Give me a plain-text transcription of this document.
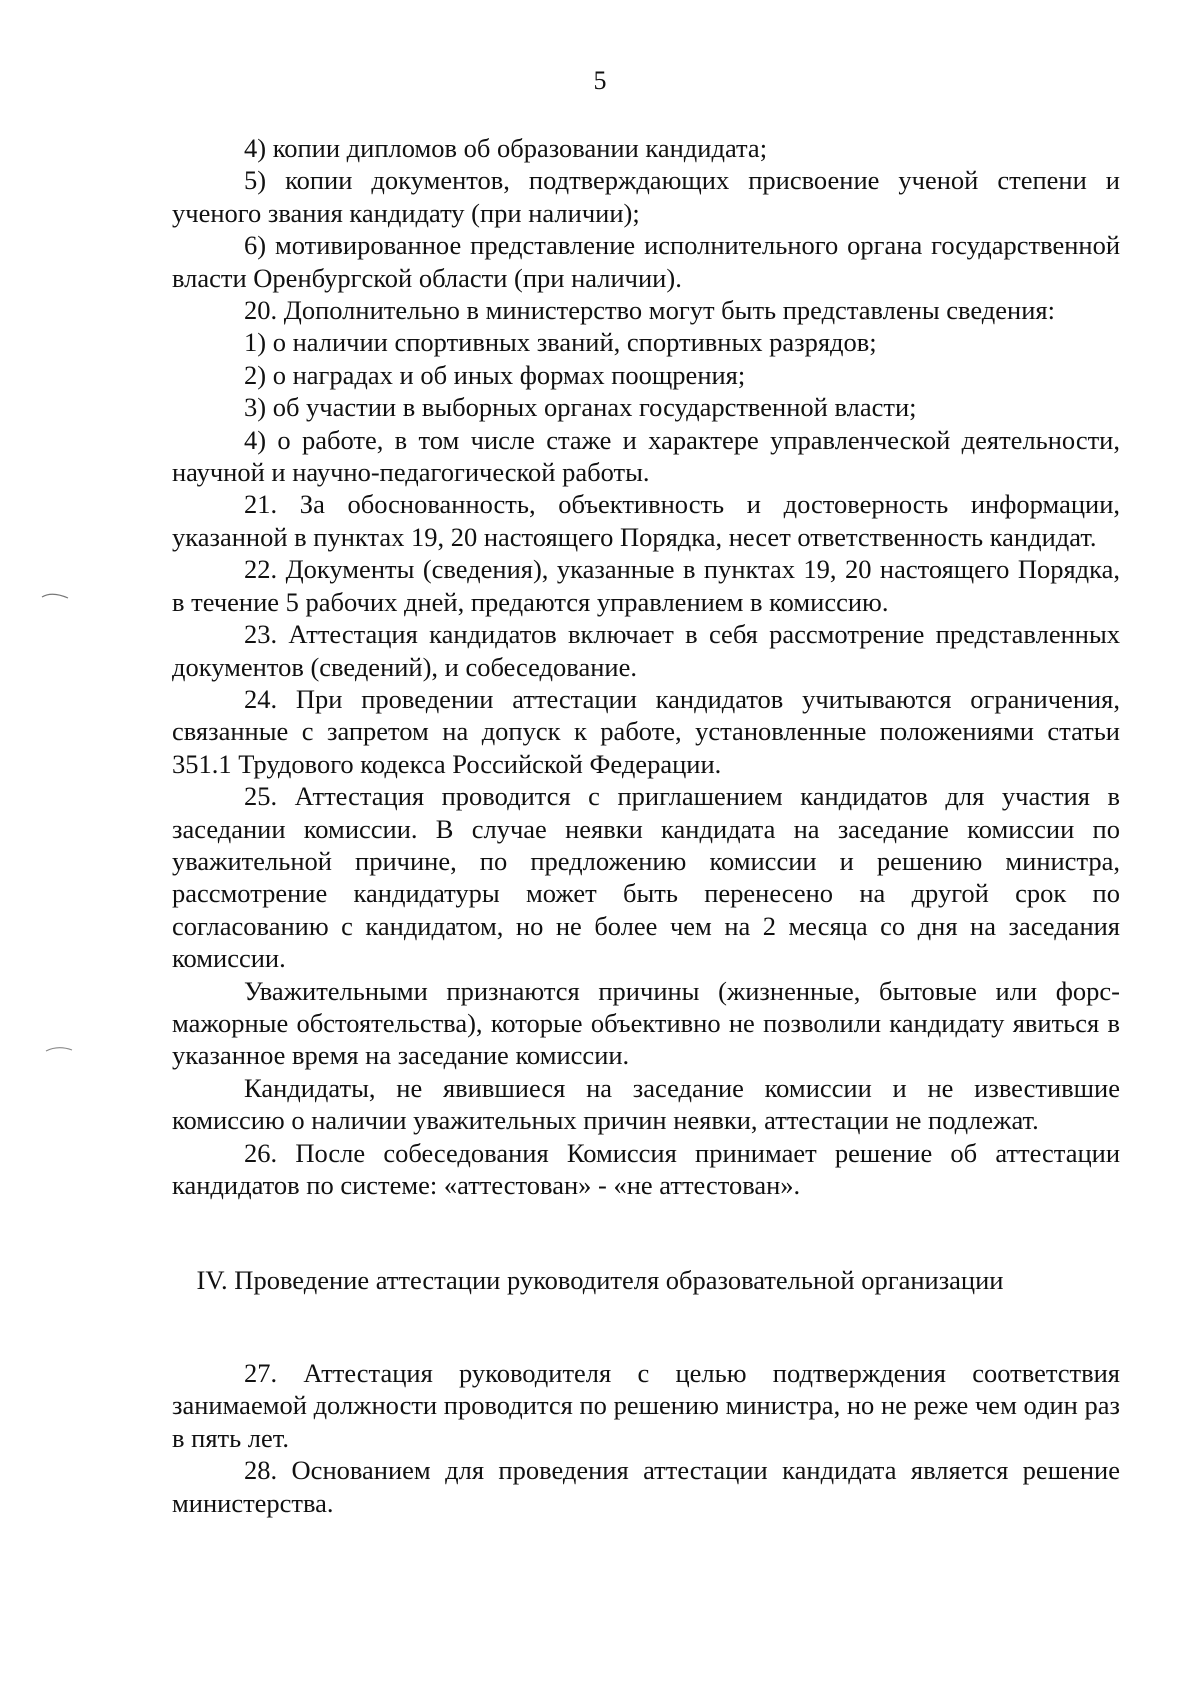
5

4) копии дипломов об образовании кандидата;

5) копии документов, подтверждающих присвоение ученой степени и ученого звания кандидату (при наличии);

6) мотивированное представление исполнительного органа государственной власти Оренбургской области (при наличии).

20. Дополнительно в министерство могут быть представлены сведения:

1) о наличии спортивных званий, спортивных разрядов;

2) о наградах и об иных формах поощрения;

3) об участии в выборных органах государственной власти;

4) о работе, в том числе стаже и характере управленческой деятельности, научной и научно-педагогической работы.

21. За обоснованность, объективность и достоверность информации, указанной в пунктах 19, 20 настоящего Порядка, несет ответственность кандидат.

22. Документы (сведения), указанные в пунктах 19, 20 настоящего Порядка, в течение 5 рабочих дней, предаются управлением в комиссию.

23. Аттестация кандидатов включает в себя рассмотрение представленных документов (сведений), и собеседование.

24. При проведении аттестации кандидатов учитываются ограничения, связанные с запретом на допуск к работе, установленные положениями статьи 351.1 Трудового кодекса Российской Федерации.

25. Аттестация проводится с приглашением кандидатов для участия в заседании комиссии. В случае неявки кандидата на заседание комиссии по уважительной причине, по предложению комиссии и решению министра, рассмотрение кандидатуры может быть перенесено на другой срок по согласованию с кандидатом, но не более чем на 2 месяца со дня на заседания комиссии.

Уважительными признаются причины (жизненные, бытовые или форс-мажорные обстоятельства), которые объективно не позволили кандидату явиться в указанное время на заседание комиссии.

Кандидаты, не явившиеся на заседание комиссии и не известившие комиссию о наличии уважительных причин неявки, аттестации не подлежат.

26. После собеседования Комиссия принимает решение об аттестации кандидатов по системе: «аттестован» - «не аттестован».

IV. Проведение аттестации руководителя образовательной организации

27. Аттестация руководителя с целью подтверждения соответствия занимаемой должности проводится по решению министра, но не реже чем один раз в пять лет.

28. Основанием для проведения аттестации кандидата является решение министерства.
